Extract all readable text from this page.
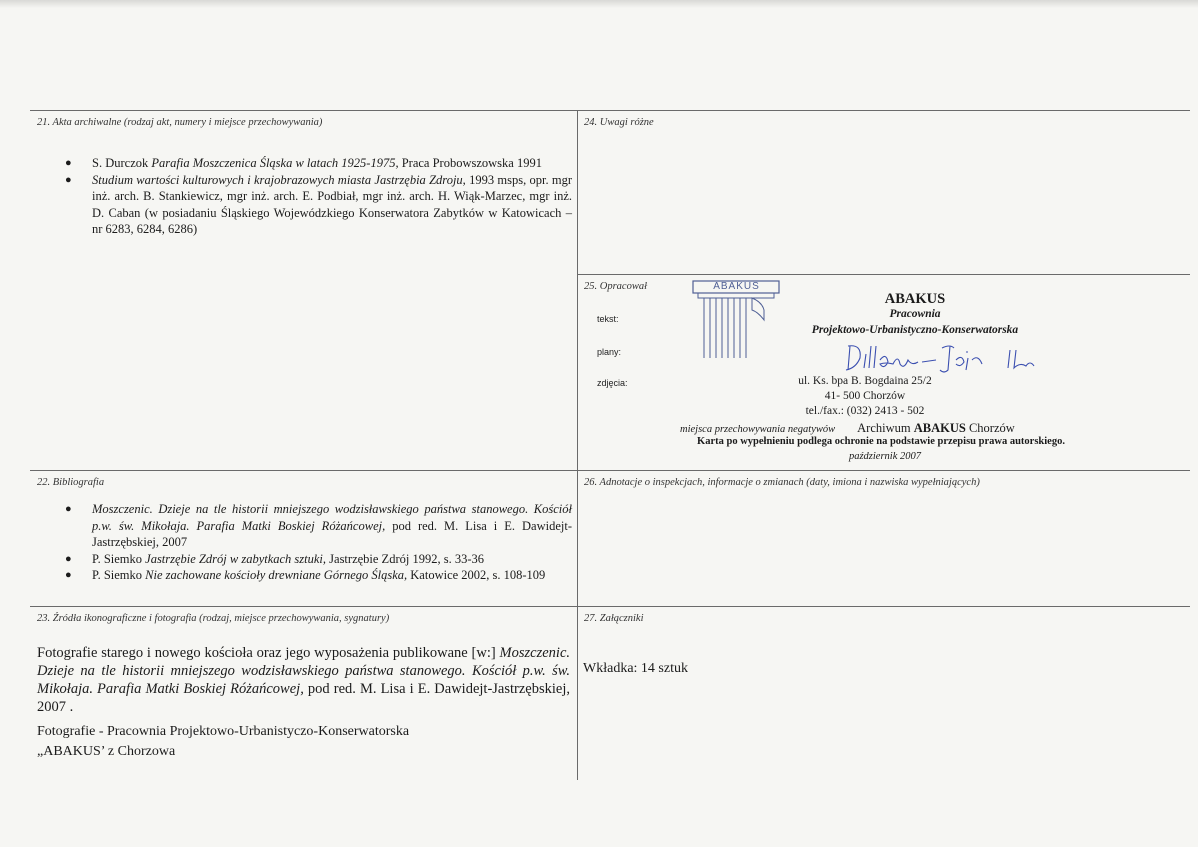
21. Akta archiwalne (rodzaj akt, numery i miejsce przechowywania)
● S. Durczok Parafia Moszczenica Śląska w latach 1925-1975, Praca Probowszowska 1991
● Studium wartości kulturowych i krajobrazowych miasta Jastrzębia Zdroju, 1993 msps, opr. mgr inż. arch. B. Stankiewicz, mgr inż. arch. E. Podbiał, mgr inż. arch. H. Wiąk-Marzec, mgr inż. D. Caban (w posiadaniu Śląskiego Wojewódzkiego Konserwatora Zabytków w Katowicach – nr 6283, 6284, 6286)
24. Uwagi różne
25. Opracował
tekst:
plany:
zdjęcia:
ABAKUS
ABAKUS
Pracownia
Projektowo-Urbanistyczno-Konserwatorska
ul. Ks. bpa B. Bogdaina 25/2
41- 500 Chorzów
tel./fax.: (032) 2413 - 502
miejsca przechowywania negatywów Archiwum ABAKUS Chorzów
Karta po wypełnieniu podlega ochronie na podstawie przepisu prawa autorskiego.
październik 2007
22. Bibliografia
● Moszczenic. Dzieje na tle historii mniejszego wodzisławskiego państwa stanowego. Kościół p.w. św. Mikołaja. Parafia Matki Boskiej Różańcowej, pod red. M. Lisa i E. Dawidejt-Jastrzębskiej, 2007
● P. Siemko Jastrzębie Zdrój w zabytkach sztuki, Jastrzębie Zdrój 1992, s. 33-36
● P. Siemko Nie zachowane kościoły drewniane Górnego Śląska, Katowice 2002, s. 108-109
26. Adnotacje o inspekcjach, informacje o zmianach (daty, imiona i nazwiska wypełniających)
23. Źródła ikonograficzne i fotografia (rodzaj, miejsce przechowywania, sygnatury)
Fotografie starego i nowego kościoła oraz jego wyposażenia publikowane [w:] Moszczenic. Dzieje na tle historii mniejszego wodzisławskiego państwa stanowego. Kościół p.w. św. Mikołaja. Parafia Matki Boskiej Różańcowej, pod red. M. Lisa i E. Dawidejt-Jastrzębskiej, 2007 .
Fotografie - Pracownia Projektowo-Urbanistyczo-Konserwatorska
„ABAKUS’ z Chorzowa
27. Załączniki
Wkładka: 14 sztuk
